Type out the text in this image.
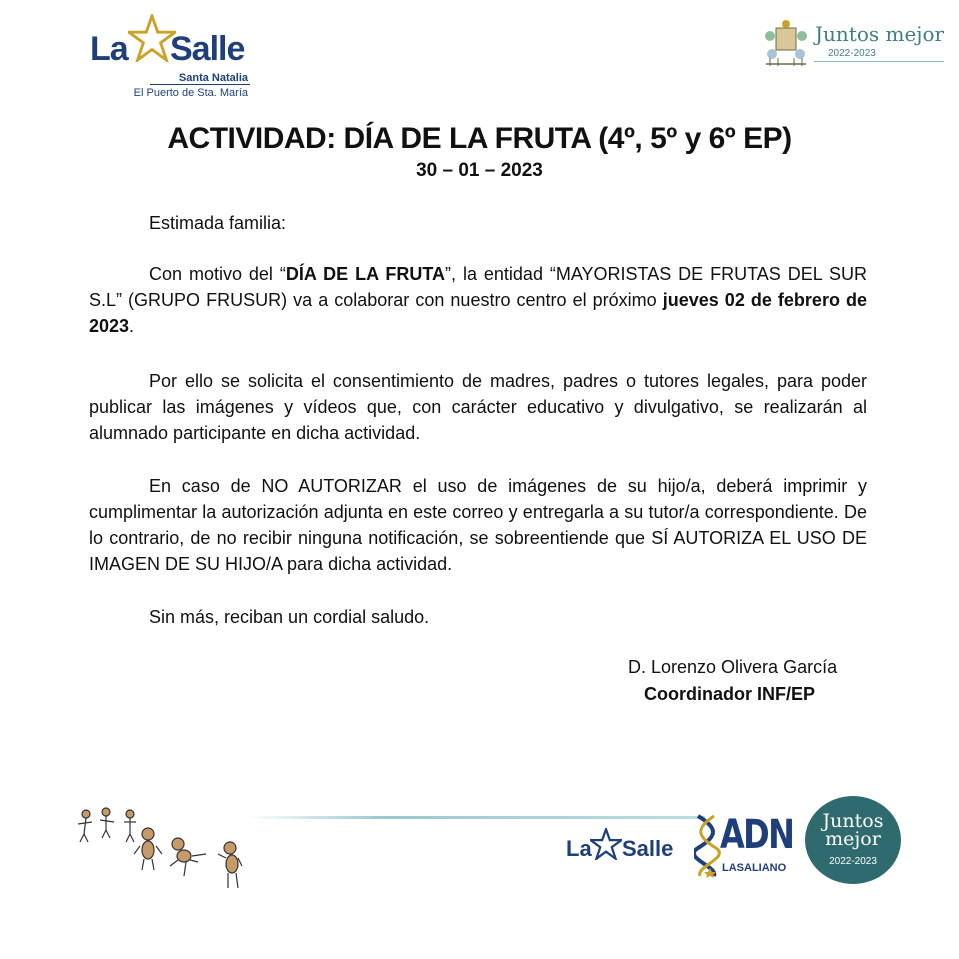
La Salle
Santa Natalia
El Puerto de Sta. María
Juntos mejor
2022-2023
ACTIVIDAD: DÍA DE LA FRUTA (4º, 5º y 6º EP)
30 – 01 – 2023
Estimada familia:
Con motivo del “DÍA DE LA FRUTA”, la entidad “MAYORISTAS DE FRUTAS DEL SUR S.L” (GRUPO FRUSUR) va a colaborar con nuestro centro el próximo jueves 02 de febrero de 2023.
Por ello se solicita el consentimiento de madres, padres o tutores legales, para poder publicar las imágenes y vídeos que, con carácter educativo y divulgativo, se realizarán al alumnado participante en dicha actividad.
En caso de NO AUTORIZAR el uso de imágenes de su hijo/a, deberá imprimir y cumplimentar la autorización adjunta en este correo y entregarla a su tutor/a correspondiente. De lo contrario, de no recibir ninguna notificación, se sobreentiende que SÍ AUTORIZA EL USO DE IMAGEN DE SU HIJO/A para dicha actividad.
Sin más, reciban un cordial saludo.
D. Lorenzo Olivera García
Coordinador INF/EP
La Salle ADN
LASALIANO
Juntos
mejor
2022-2023
